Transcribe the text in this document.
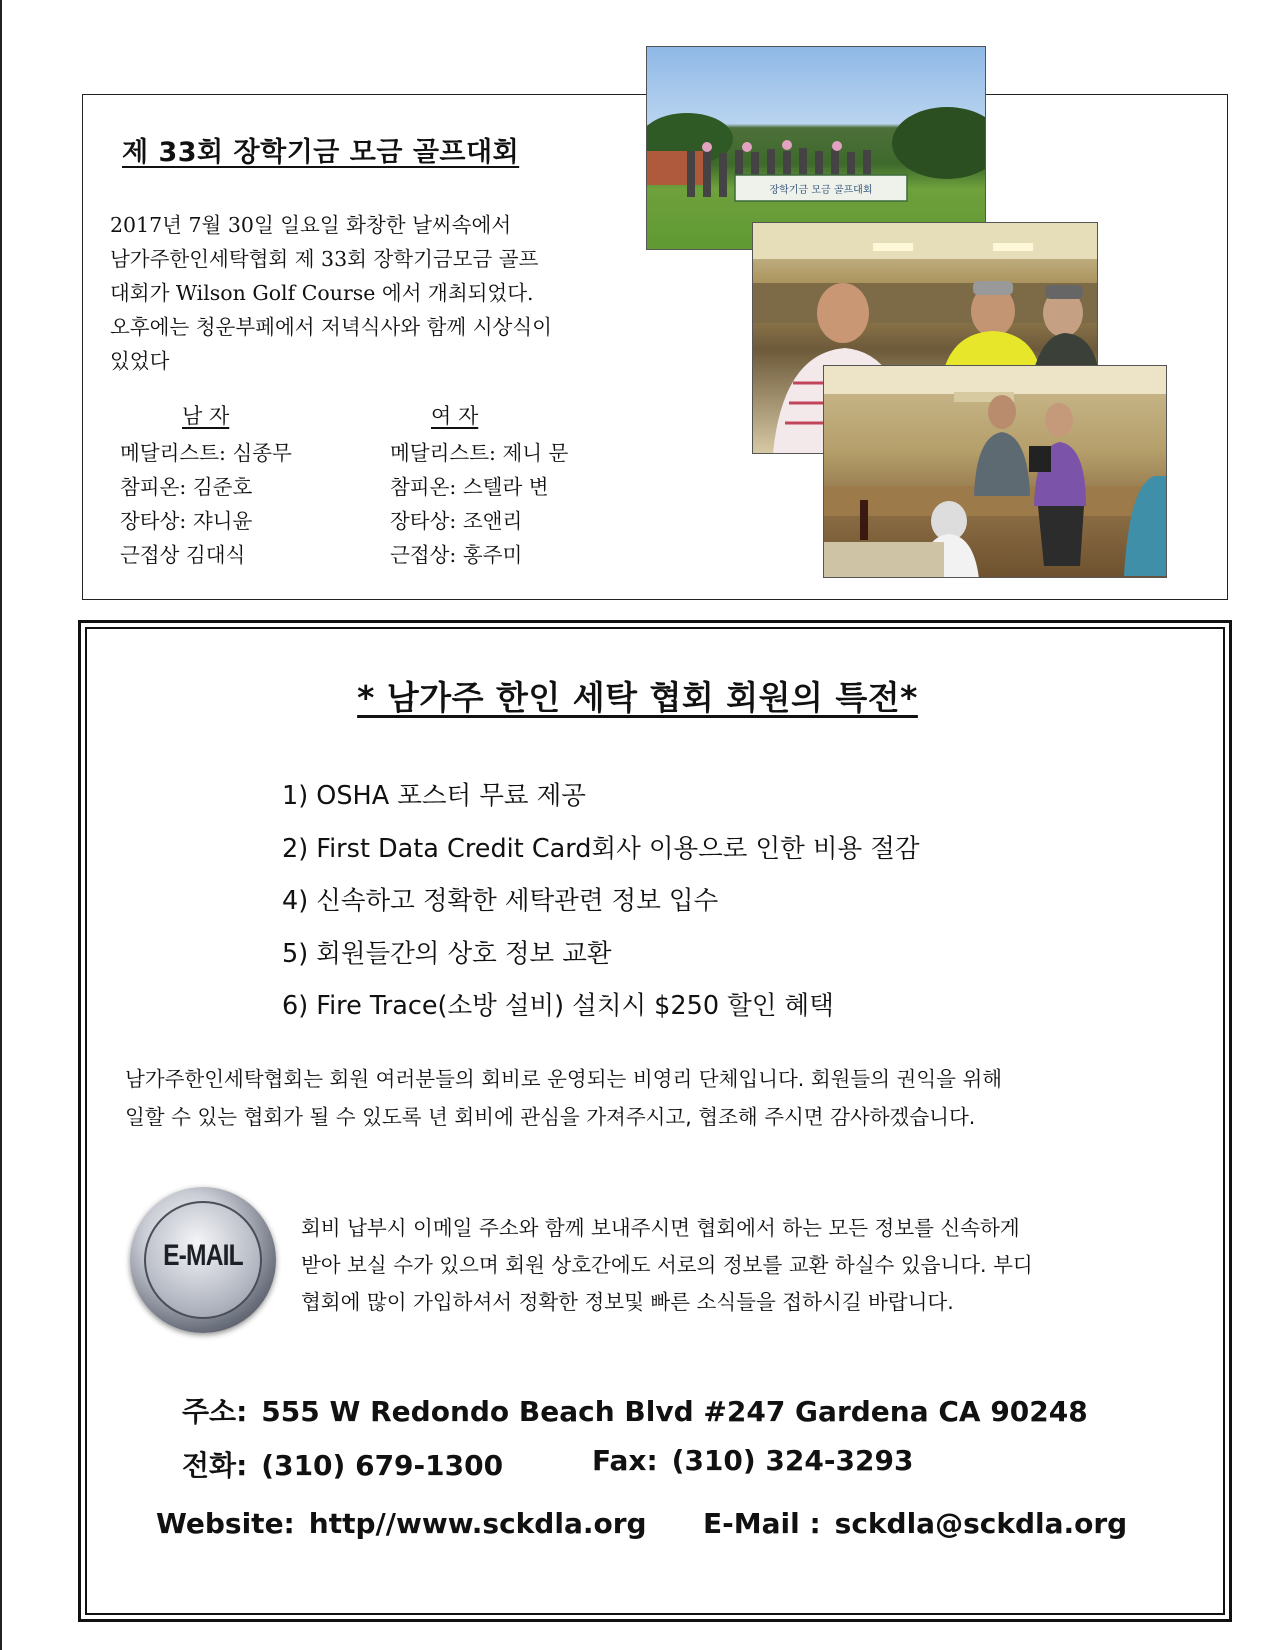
제 33회 장학기금 모금 골프대회
2017년 7월 30일 일요일 화창한 날씨속에서
남가주한인세탁협회 제 33회 장학기금모금 골프
대회가 Wilson Golf Course 에서 개최되었다.
오후에는 청운부페에서 저녁식사와 함께 시상식이
있었다
남 자	여 자
메달리스트: 심종무
참피온: 김준호
장타상: 쟈니윤
근접상 김대식
메달리스트: 제니 문
참피온: 스텔라 변
장타상: 조앤리
근접상: 홍주미
장학기금 모금 골프대회
* 남가주 한인 세탁 협회 회원의 특전*
1) OSHA 포스터 무료 제공
2) First Data Credit Card회사 이용으로 인한 비용 절감
4) 신속하고 정확한 세탁관련 정보 입수
5) 회원들간의 상호 정보 교환
6) Fire Trace(소방 설비) 설치시 $250 할인 혜택
남가주한인세탁협회는 회원 여러분들의 회비로 운영되는 비영리 단체입니다. 회원들의 권익을 위해
일할 수 있는 협회가 될 수 있도록 년 회비에 관심을 가져주시고, 협조해 주시면 감사하겠습니다.
E-MAIL
회비 납부시 이메일 주소와 함께 보내주시면 협회에서 하는 모든 정보를 신속하게
받아 보실 수가 있으며 회원 상호간에도 서로의 정보를 교환 하실수 있읍니다. 부디
협회에 많이 가입하셔서 정확한 정보및 빠른 소식들을 접하시길 바랍니다.
주소: 555 W Redondo Beach Blvd #247 Gardena CA 90248
전화: (310) 679-1300	Fax: (310) 324-3293
Website: http//www.sckdla.org E-Mail : sckdla@sckdla.org
